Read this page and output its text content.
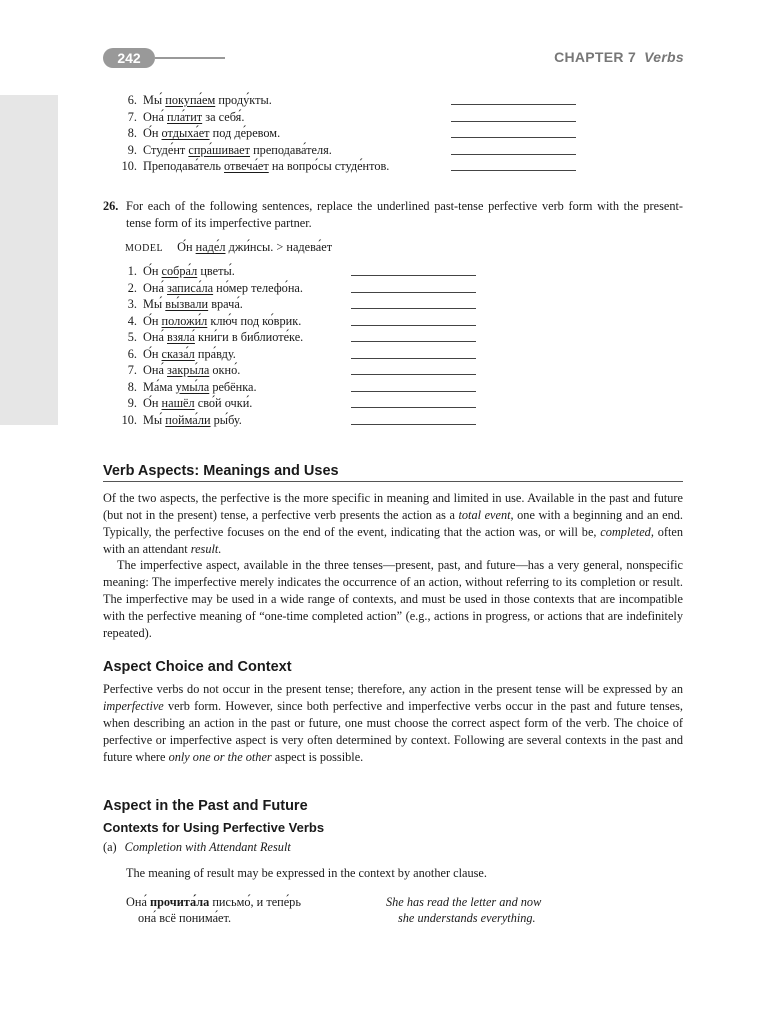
242	CHAPTER 7 Verbs
6. Мы́ покупа́ем проду́кты.
7. Она́ пла́тит за себя́.
8. О́н отдыха́ет под де́ревом.
9. Студе́нт спра́шивает преподава́теля.
10. Преподава́тель отвеча́ет на вопро́сы студе́нтов.
26. For each of the following sentences, replace the underlined past-tense perfective verb form with the present-tense form of its imperfective partner.
MODEL О́н наде́л джи́нсы. > надева́ет
1. О́н собра́л цветы́.
2. Она́ записа́ла но́мер телефо́на.
3. Мы́ вы́звали врача́.
4. О́н положи́л клю́ч под ко́врик.
5. Она́ взяла́ кни́ги в библиоте́ке.
6. О́н сказа́л пра́вду.
7. Она́ закры́ла окно́.
8. Ма́ма умы́ла ребёнка.
9. О́н нашёл сво́й очки́.
10. Мы́ пойма́ли ры́бу.
Verb Aspects: Meanings and Uses

Of the two aspects, the perfective is the more specific in meaning and limited in use. Available in the past and future (but not in the present) tense, a perfective verb presents the action as a total event, one with a beginning and an end. Typically, the perfective focuses on the end of the event, indicating that the action was, or will be, completed, often with an attendant result.

The imperfective aspect, available in the three tenses—present, past, and future—has a very general, nonspecific meaning: The imperfective merely indicates the occurrence of an action, without referring to its completion or result. The imperfective may be used in a wide range of contexts, and must be used in those contexts that are incompatible with the perfective meaning of “one-time completed action” (e.g., actions in progress, or actions that are indefinitely repeated).

Aspect Choice and Context

Perfective verbs do not occur in the present tense; therefore, any action in the present tense will be expressed by an imperfective verb form. However, since both perfective and imperfective verbs occur in the past and future tenses, when describing an action in the past or future, one must choose the correct aspect form of the verb. The choice of perfective or imperfective aspect is very often determined by context. Following are several contexts in the past and future where only one or the other aspect is possible.

Aspect in the Past and Future
Contexts for Using Perfective Verbs
(a) Completion with Attendant Result
The meaning of result may be expressed in the context by another clause.
Она́ прочита́ла письмо́, и тепе́рь
она́ всё понима́ет.
She has read the letter and now
she understands everything.
